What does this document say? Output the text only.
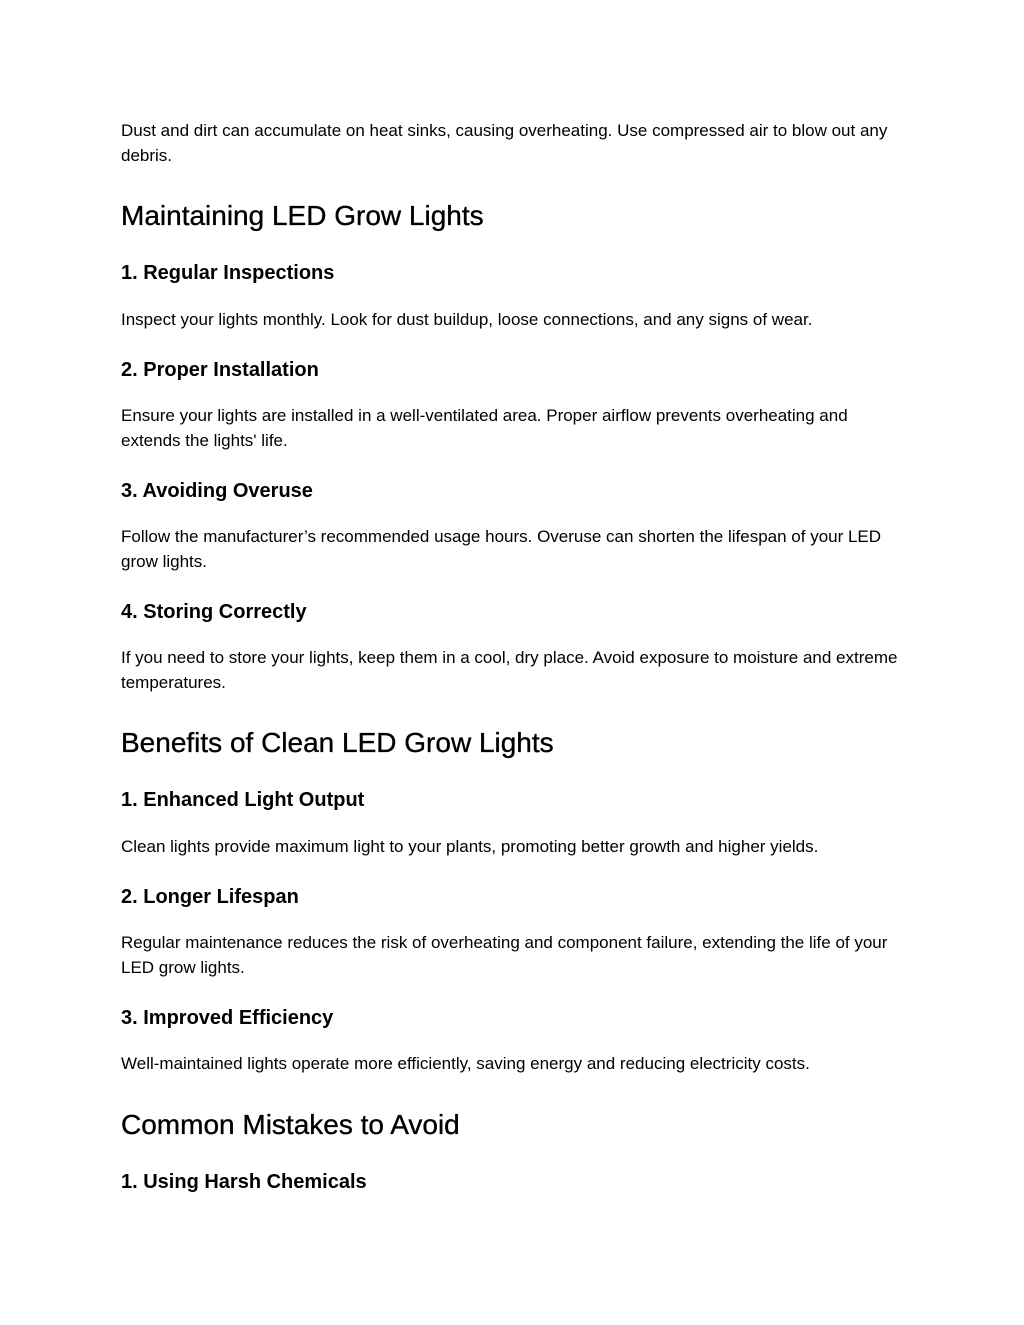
Dust and dirt can accumulate on heat sinks, causing overheating. Use compressed air to blow out any debris.

Maintaining LED Grow Lights
1. Regular Inspections

Inspect your lights monthly. Look for dust buildup, loose connections, and any signs of wear.

2. Proper Installation

Ensure your lights are installed in a well-ventilated area. Proper airflow prevents overheating and extends the lights' life.

3. Avoiding Overuse

Follow the manufacturer’s recommended usage hours. Overuse can shorten the lifespan of your LED grow lights.

4. Storing Correctly

If you need to store your lights, keep them in a cool, dry place. Avoid exposure to moisture and extreme temperatures.

Benefits of Clean LED Grow Lights
1. Enhanced Light Output

Clean lights provide maximum light to your plants, promoting better growth and higher yields.

2. Longer Lifespan

Regular maintenance reduces the risk of overheating and component failure, extending the life of your LED grow lights.

3. Improved Efficiency

Well-maintained lights operate more efficiently, saving energy and reducing electricity costs.

Common Mistakes to Avoid
1. Using Harsh Chemicals
